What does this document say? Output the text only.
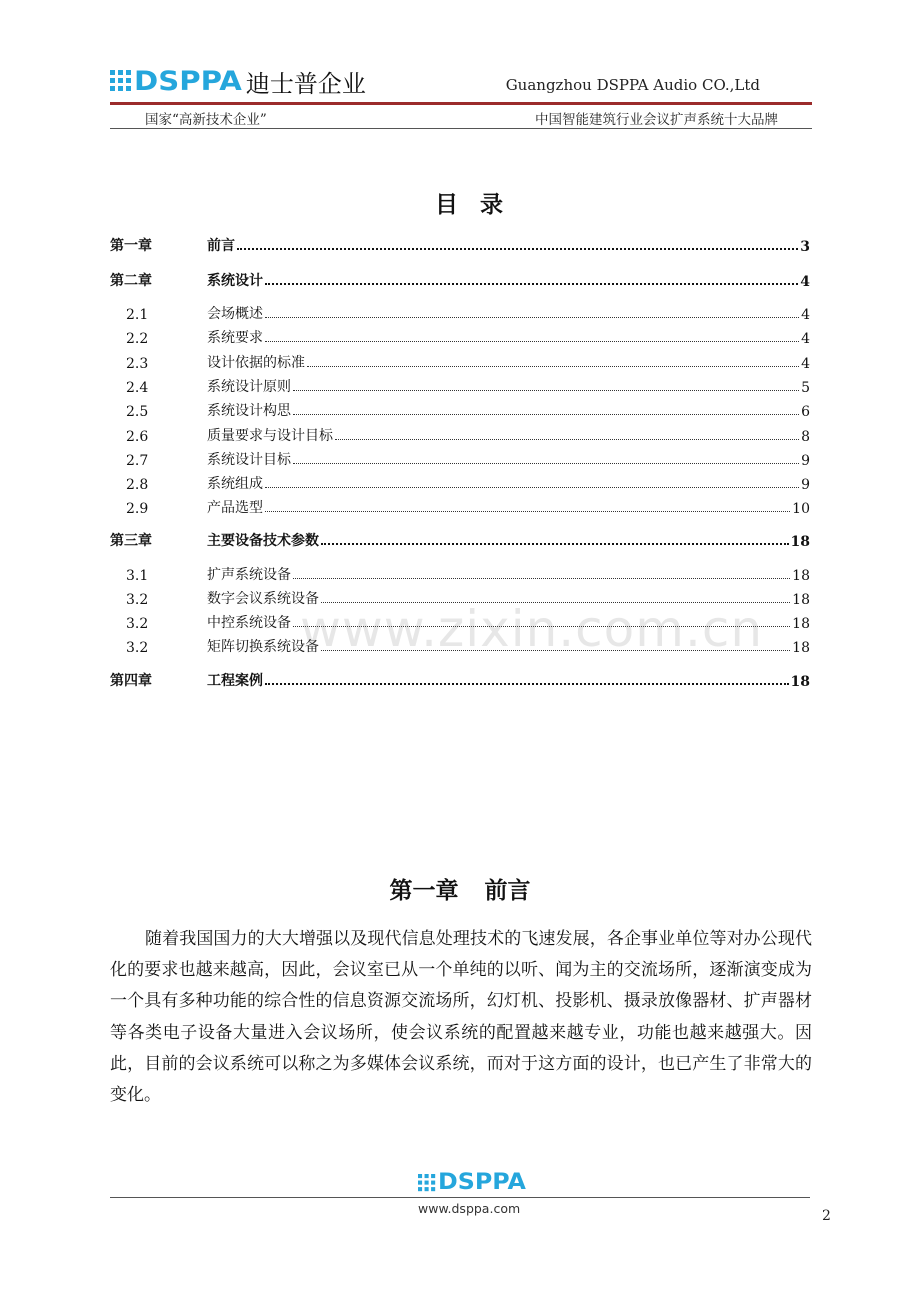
DSPPA 迪士普企业	Guangzhou DSPPA Audio CO.,Ltd
国家“高新技术企业”	中国智能建筑行业会议扩声系统十大品牌
目录
第一章	前言	3
第二章	系统设计	4
2.1	会场概述	4
2.2	系统要求	4
2.3	设计依据的标准	4
2.4	系统设计原则	5
2.5	系统设计构思	6
2.6	质量要求与设计目标	8
2.7	系统设计目标	9
2.8	系统组成	9
2.9	产品选型	10
第三章	主要设备技术参数	18
3.1	扩声系统设备	18
3.2	数字会议系统设备	18
3.2	中控系统设备	18
3.2	矩阵切换系统设备	18
第四章	工程案例	18
www.zixin.com.cn
第一章 前言
随着我国国力的大大增强以及现代信息处理技术的飞速发展，各企事业单位等对办公现代化的要求也越来越高，因此，会议室已从一个单纯的以听、闻为主的交流场所，逐渐演变成为一个具有多种功能的综合性的信息资源交流场所，幻灯机、投影机、摄录放像器材、扩声器材等各类电子设备大量进入会议场所，使会议系统的配置越来越专业，功能也越来越强大。因此，目前的会议系统可以称之为多媒体会议系统，而对于这方面的设计，也已产生了非常大的变化。
DSPPA
www.dsppa.com	2
